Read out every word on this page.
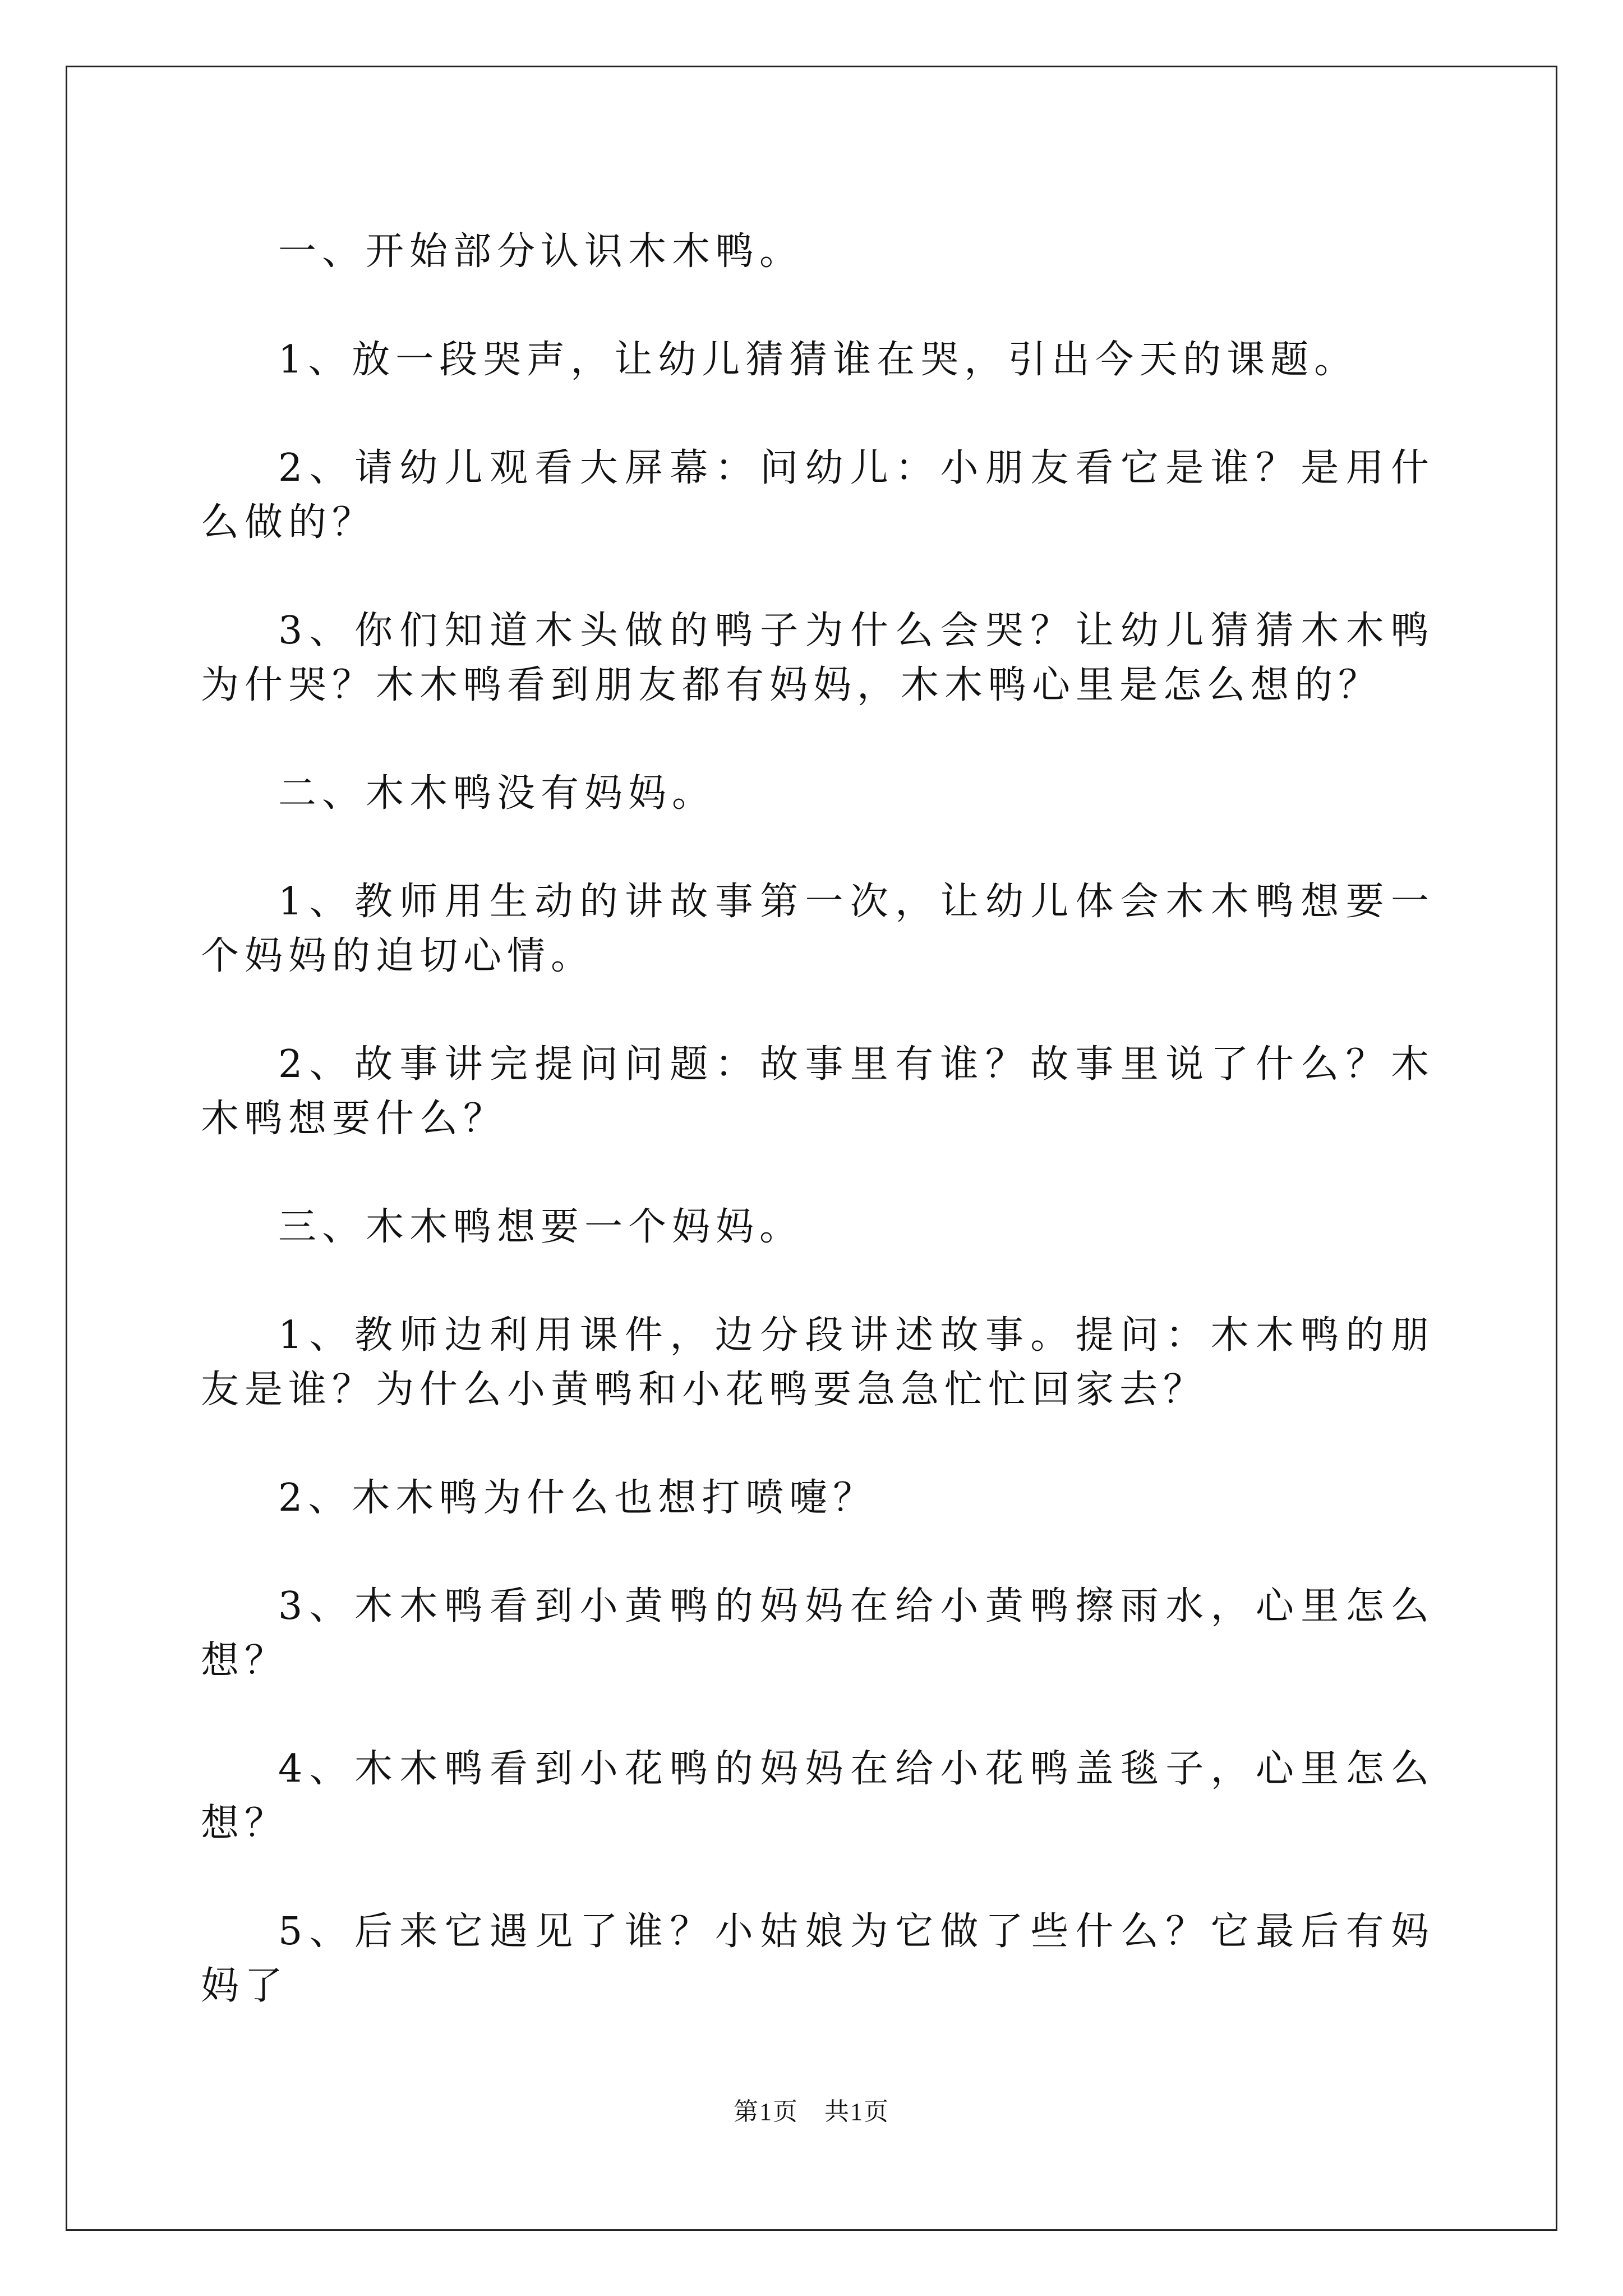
一、开始部分认识木木鸭。

1、放一段哭声，让幼儿猜猜谁在哭，引出今天的课题。

2、请幼儿观看大屏幕：问幼儿：小朋友看它是谁？是用什么做的？

3、你们知道木头做的鸭子为什么会哭？让幼儿猜猜木木鸭为什哭？木木鸭看到朋友都有妈妈，木木鸭心里是怎么想的？

二、木木鸭没有妈妈。

1、教师用生动的讲故事第一次，让幼儿体会木木鸭想要一个妈妈的迫切心情。

2、故事讲完提问问题：故事里有谁？故事里说了什么？木木鸭想要什么？

三、木木鸭想要一个妈妈。

1、教师边利用课件，边分段讲述故事。提问：木木鸭的朋友是谁？为什么小黄鸭和小花鸭要急急忙忙回家去？

2、木木鸭为什么也想打喷嚏？

3、木木鸭看到小黄鸭的妈妈在给小黄鸭擦雨水，心里怎么想？

4、木木鸭看到小花鸭的妈妈在给小花鸭盖毯子，心里怎么想？

5、后来它遇见了谁？小姑娘为它做了些什么？它最后有妈妈了

第1页 共1页
